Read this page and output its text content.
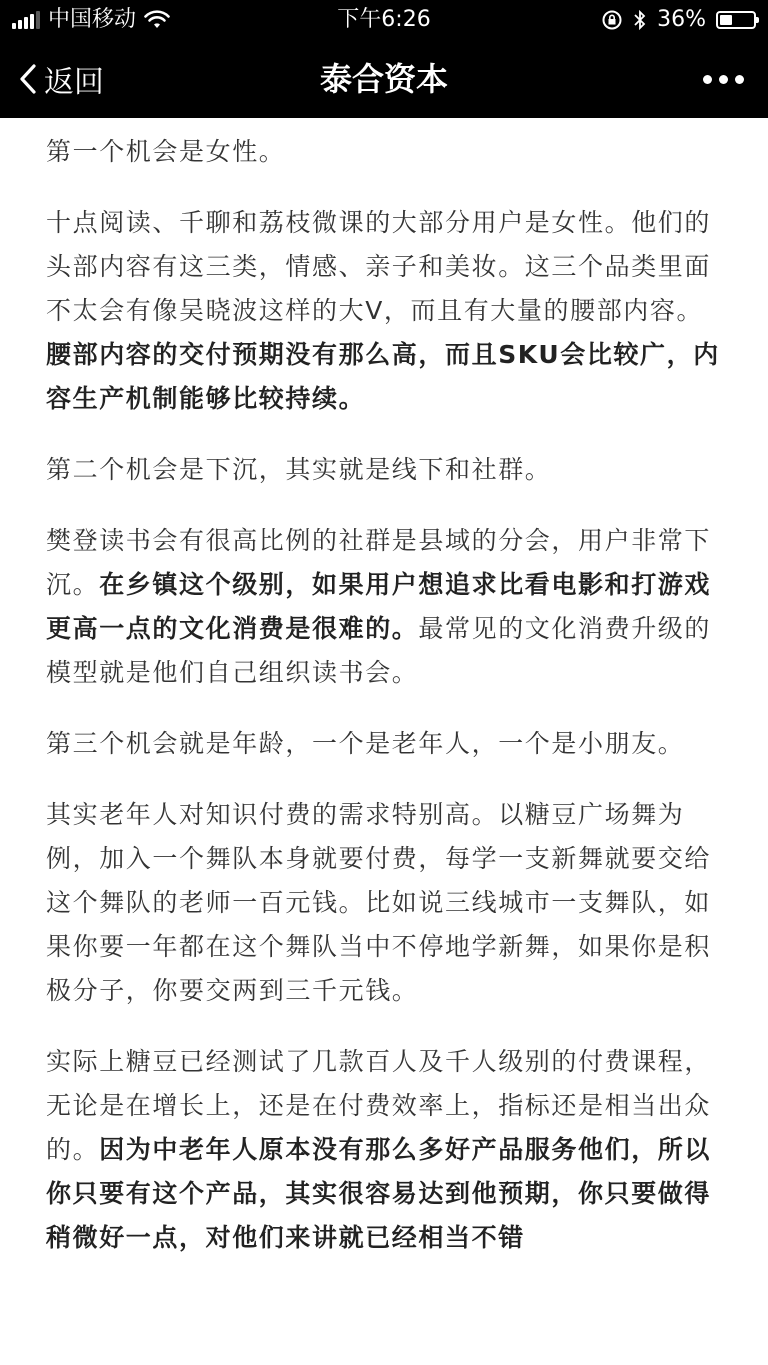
中国移动	下午6:26	36%
返回	泰合资本

第一个机会是女性。

十点阅读、千聊和荔枝微课的大部分用户是女性。他们的头部内容有这三类，情感、亲子和美妆。这三个品类里面不太会有像吴晓波这样的大V，而且有大量的腰部内容。腰部内容的交付预期没有那么高，而且SKU会比较广，内容生产机制能够比较持续。

第二个机会是下沉，其实就是线下和社群。

樊登读书会有很高比例的社群是县域的分会，用户非常下沉。在乡镇这个级别，如果用户想追求比看电影和打游戏更高一点的文化消费是很难的。最常见的文化消费升级的模型就是他们自己组织读书会。

第三个机会就是年龄，一个是老年人，一个是小朋友。

其实老年人对知识付费的需求特别高。以糖豆广场舞为例，加入一个舞队本身就要付费，每学一支新舞就要交给这个舞队的老师一百元钱。比如说三线城市一支舞队，如果你要一年都在这个舞队当中不停地学新舞，如果你是积极分子，你要交两到三千元钱。

实际上糖豆已经测试了几款百人及千人级别的付费课程，无论是在增长上，还是在付费效率上，指标还是相当出众的。因为中老年人原本没有那么多好产品服务他们，所以你只要有这个产品，其实很容易达到他预期，你只要做得稍微好一点，对他们来讲就已经相当不错
